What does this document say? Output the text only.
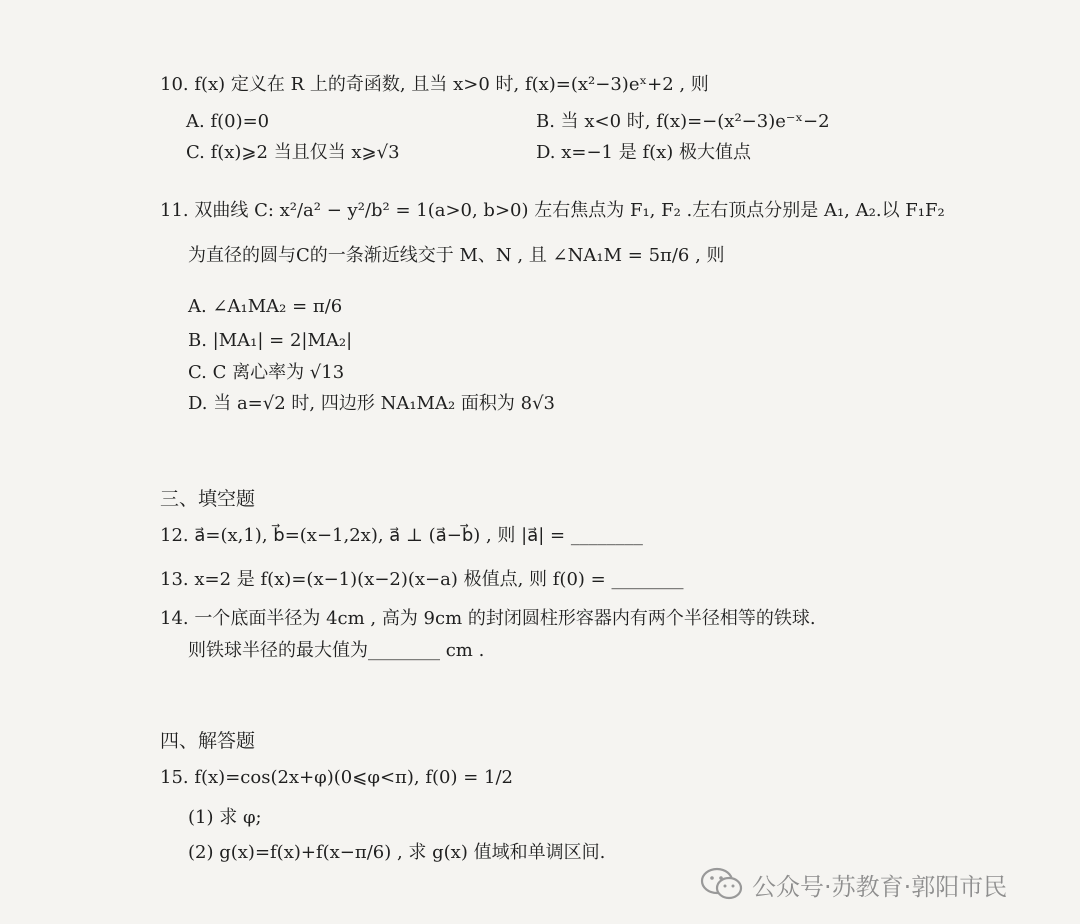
10. f(x) 定义在 R 上的奇函数, 且当 x>0 时, f(x)=(x²−3)eˣ+2 , 则
A. f(0)=0	B. 当 x<0 时, f(x)=−(x²−3)e⁻ˣ−2
C. f(x)⩾2 当且仅当 x⩾√3	D. x=−1 是 f(x) 极大值点
11. 双曲线 C: x²/a² − y²/b² = 1(a>0, b>0) 左右焦点为 F₁, F₂ .左右顶点分别是 A₁, A₂.以 F₁F₂
为直径的圆与C的一条渐近线交于 M、N , 且 ∠NA₁M = 5π/6 , 则
A. ∠A₁MA₂ = π/6
B. |MA₁| = 2|MA₂|
C. C 离心率为 √13
D. 当 a=√2 时, 四边形 NA₁MA₂ 面积为 8√3
三、填空题
12. a⃗=(x,1), b⃗=(x−1,2x), a⃗ ⊥ (a⃗−b⃗) , 则 |a⃗| = ________
13. x=2 是 f(x)=(x−1)(x−2)(x−a) 极值点, 则 f(0) = ________
14. 一个底面半径为 4cm , 高为 9cm 的封闭圆柱形容器内有两个半径相等的铁球.
则铁球半径的最大值为________ cm .
四、解答题
15. f(x)=cos(2x+φ)(0⩽φ<π), f(0) = 1/2
(1) 求 φ;
(2) g(x)=f(x)+f(x−π/6) , 求 g(x) 值域和单调区间.
公众号·苏教育·郭阳市民
